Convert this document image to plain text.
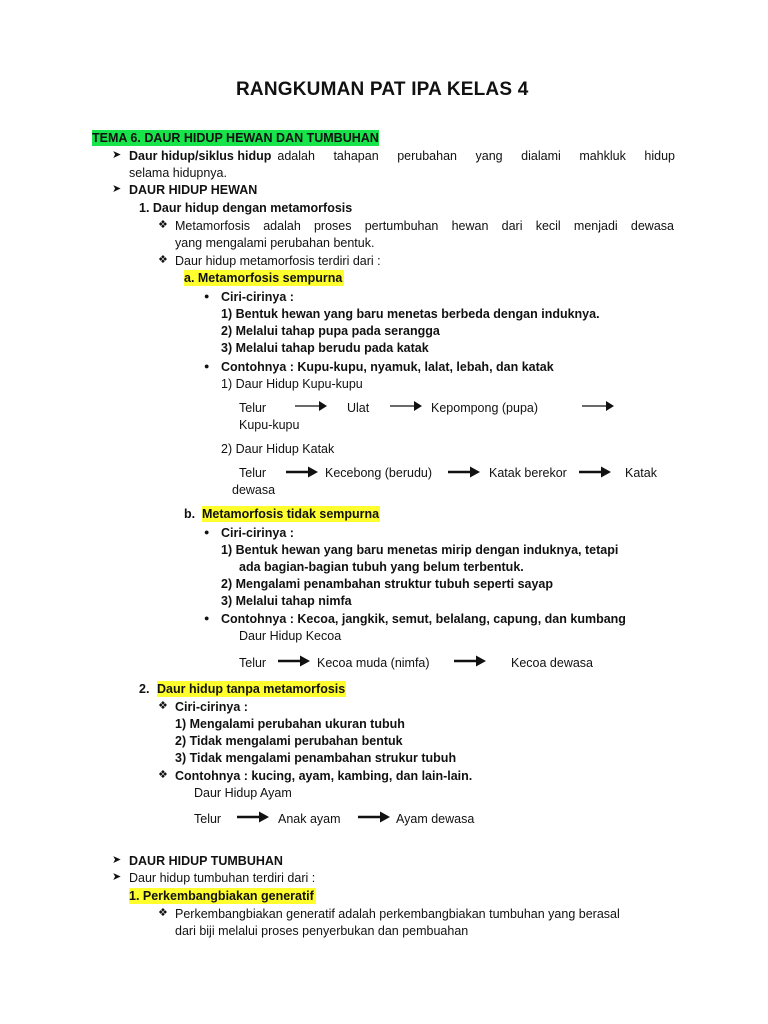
RANGKUMAN PAT IPA KELAS 4
TEMA 6. DAUR HIDUP HEWAN DAN TUMBUHAN
➤ Daur hidup/siklus hidup adalah tahapan perubahan yang dialami mahkluk hidup
selama hidupnya.
➤ DAUR HIDUP HEWAN
1. Daur hidup dengan metamorfosis
❖ Metamorfosis adalah proses pertumbuhan hewan dari kecil menjadi dewasa
yang mengalami perubahan bentuk.
❖ Daur hidup metamorfosis terdiri dari :
a. Metamorfosis sempurna
● Ciri-cirinya :
1) Bentuk hewan yang baru menetas berbeda dengan induknya.
2) Melalui tahap pupa pada serangga
3) Melalui tahap berudu pada katak
● Contohnya : Kupu-kupu, nyamuk, lalat, lebah, dan katak
1) Daur Hidup Kupu-kupu
Telur	Ulat	Kepompong (pupa)
Kupu-kupu
2) Daur Hidup Katak
Telur	Kecebong (berudu)	Katak berekor	Katak
dewasa
b. Metamorfosis tidak sempurna
● Ciri-cirinya :
1) Bentuk hewan yang baru menetas mirip dengan induknya, tetapi
ada bagian-bagian tubuh yang belum terbentuk.
2) Mengalami penambahan struktur tubuh seperti sayap
3) Melalui tahap nimfa
● Contohnya : Kecoa, jangkik, semut, belalang, capung, dan kumbang
Daur Hidup Kecoa
Telur	Kecoa muda (nimfa)	Kecoa dewasa
2. Daur hidup tanpa metamorfosis
❖ Ciri-cirinya :
1) Mengalami perubahan ukuran tubuh
2) Tidak mengalami perubahan bentuk
3) Tidak mengalami penambahan strukur tubuh
❖ Contohnya : kucing, ayam, kambing, dan lain-lain.
Daur Hidup Ayam
Telur	Anak ayam	Ayam dewasa
➤ DAUR HIDUP TUMBUHAN
➤ Daur hidup tumbuhan terdiri dari :
1. Perkembangbiakan generatif
❖ Perkembangbiakan generatif adalah perkembangbiakan tumbuhan yang berasal
dari biji melalui proses penyerbukan dan pembuahan
